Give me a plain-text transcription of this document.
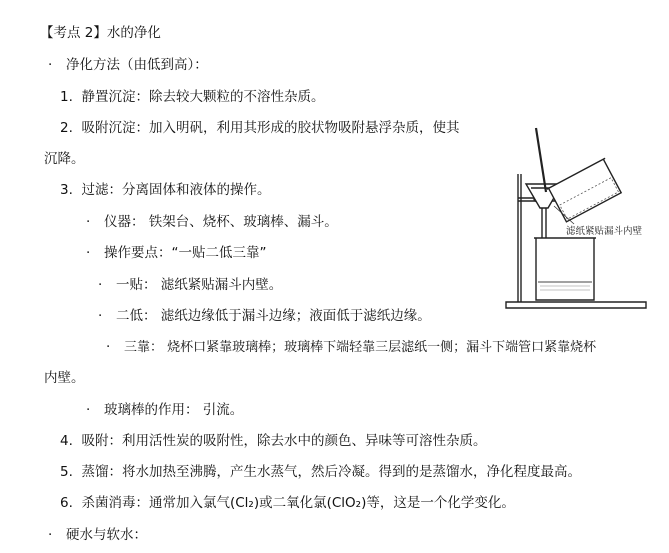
【考点 2】水的净化
· 净化方法（由低到高）：
1. 静置沉淀：除去较大颗粒的不溶性杂质。
2. 吸附沉淀：加入明矾，利用其形成的胶状物吸附悬浮杂质，使其
沉降。
3. 过滤：分离固体和液体的操作。
· 仪器： 铁架台、烧杯、玻璃棒、漏斗。
· 操作要点：“一贴二低三靠”
· 一贴： 滤纸紧贴漏斗内壁。
· 二低： 滤纸边缘低于漏斗边缘；液面低于滤纸边缘。
· 三靠： 烧杯口紧靠玻璃棒；玻璃棒下端轻靠三层滤纸一侧；漏斗下端管口紧靠烧杯
内壁。
· 玻璃棒的作用： 引流。
4. 吸附：利用活性炭的吸附性，除去水中的颜色、异味等可溶性杂质。
5. 蒸馏：将水加热至沸腾，产生水蒸气，然后冷凝。得到的是蒸馏水，净化程度最高。
6. 杀菌消毒：通常加入氯气(Cl₂)或二氧化氯(ClO₂)等，这是一个化学变化。
· 硬水与软水：
滤纸紧贴漏斗内壁
